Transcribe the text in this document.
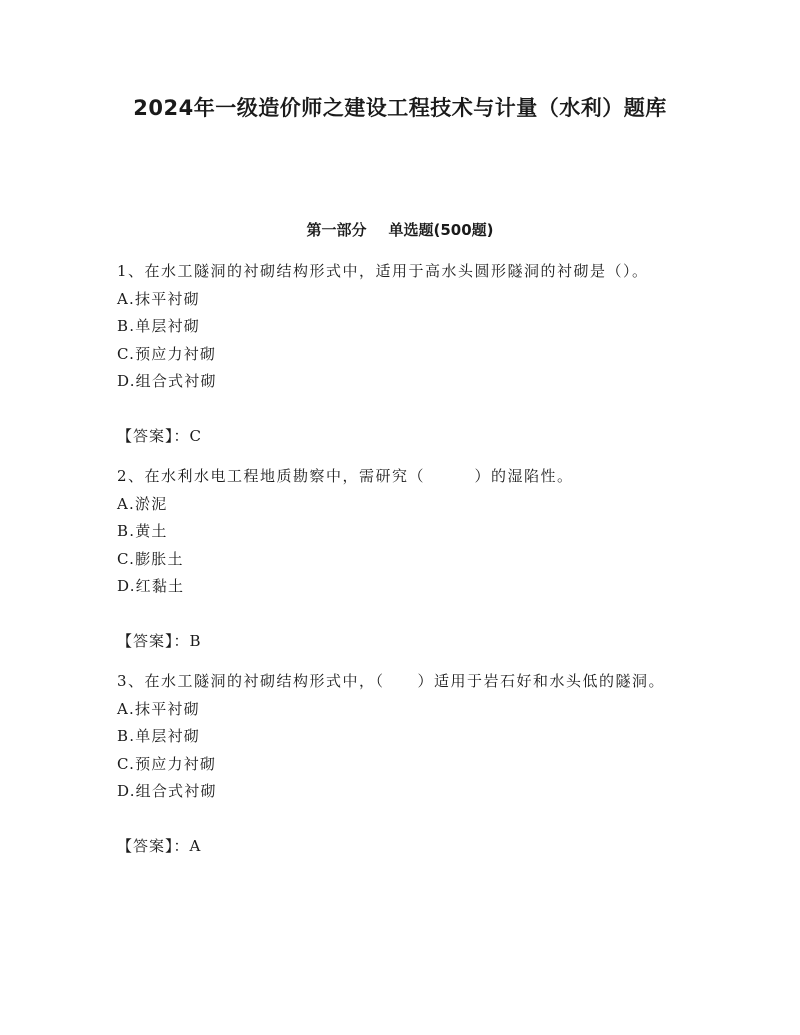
2024年一级造价师之建设工程技术与计量（水利）题库
第一部分 单选题(500题)

1、在水工隧洞的衬砌结构形式中，适用于高水头圆形隧洞的衬砌是（）。

A.抹平衬砌
B.单层衬砌
C.预应力衬砌
D.组合式衬砌
【答案】：C

2、在水利水电工程地质勘察中，需研究（　　　）的湿陷性。

A.淤泥
B.黄土
C.膨胀土
D.红黏土
【答案】：B

3、在水工隧洞的衬砌结构形式中，（　　）适用于岩石好和水头低的隧洞。

A.抹平衬砌
B.单层衬砌
C.预应力衬砌
D.组合式衬砌
【答案】：A
